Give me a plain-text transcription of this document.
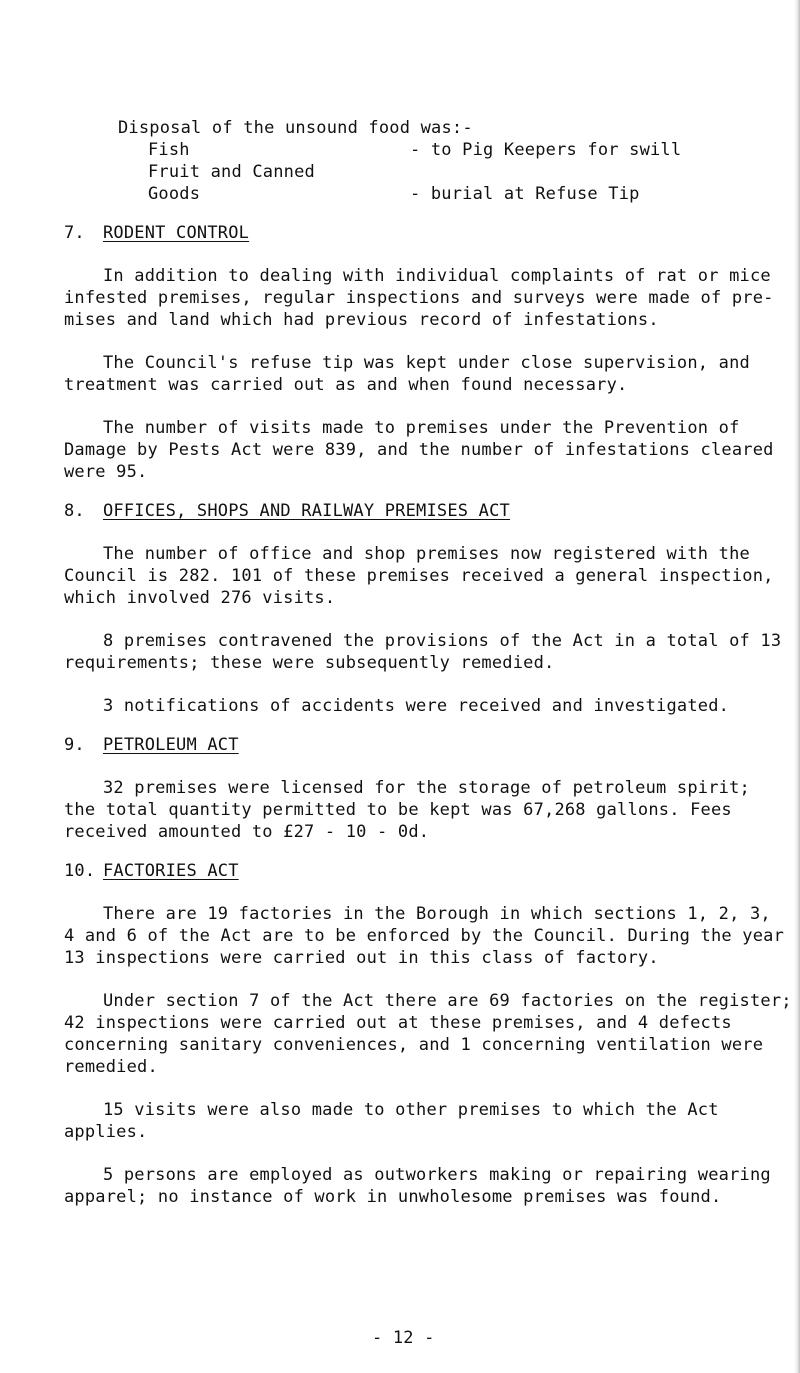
Disposal of the unsound food was:-
Fish	- to Pig Keepers for swill
Fruit and Canned
Goods	- burial at Refuse Tip
7. RODENT CONTROL
In addition to dealing with individual complaints of rat or mice
infested premises, regular inspections and surveys were made of pre-
mises and land which had previous record of infestations.
The Council's refuse tip was kept under close supervision, and
treatment was carried out as and when found necessary.
The number of visits made to premises under the Prevention of
Damage by Pests Act were 839, and the number of infestations cleared
were 95.
8. OFFICES, SHOPS AND RAILWAY PREMISES ACT
The number of office and shop premises now registered with the
Council is 282. 101 of these premises received a general inspection,
which involved 276 visits.
8 premises contravened the provisions of the Act in a total of 13
requirements; these were subsequently remedied.
3 notifications of accidents were received and investigated.
9. PETROLEUM ACT
32 premises were licensed for the storage of petroleum spirit;
the total quantity permitted to be kept was 67,268 gallons. Fees
received amounted to £27 - 10 - 0d.
10. FACTORIES ACT
There are 19 factories in the Borough in which sections 1, 2, 3,
4 and 6 of the Act are to be enforced by the Council. During the year
13 inspections were carried out in this class of factory.
Under section 7 of the Act there are 69 factories on the register;
42 inspections were carried out at these premises, and 4 defects
concerning sanitary conveniences, and 1 concerning ventilation were
remedied.
15 visits were also made to other premises to which the Act
applies.
5 persons are employed as outworkers making or repairing wearing
apparel; no instance of work in unwholesome premises was found.
- 12 -
